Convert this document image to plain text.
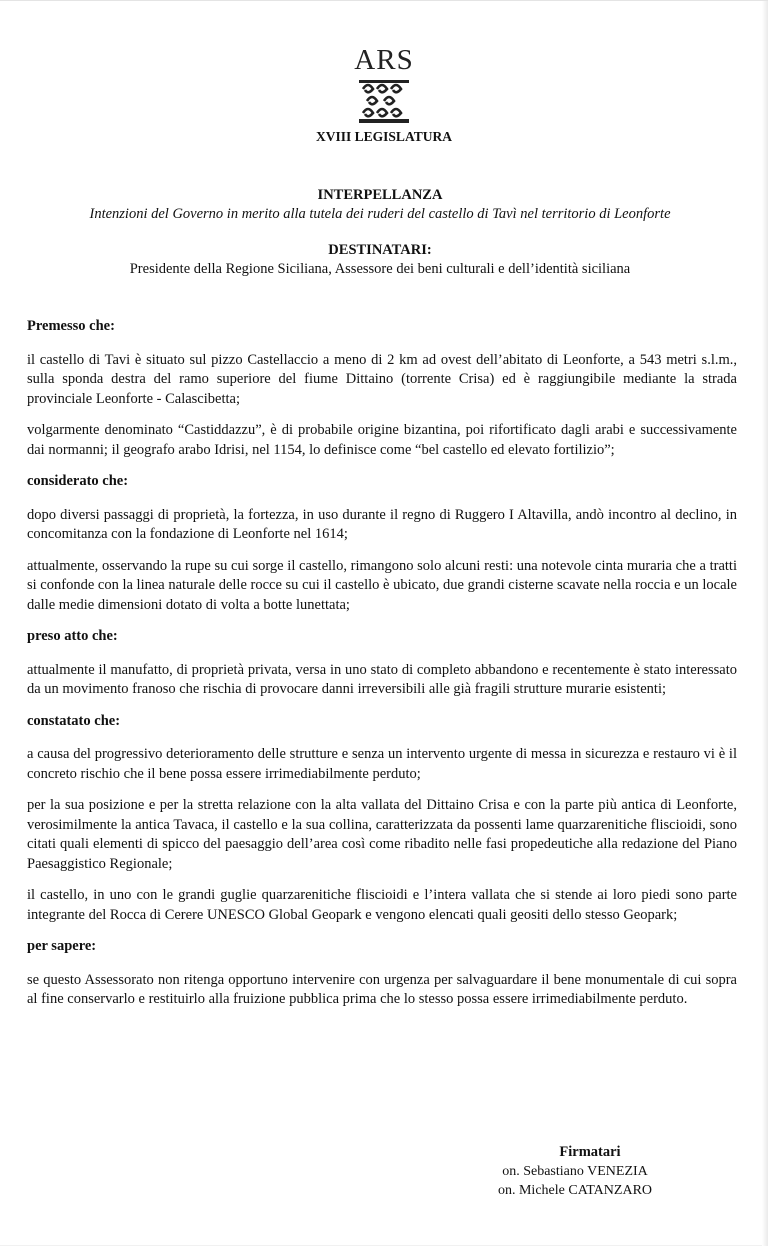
ARS
XVIII LEGISLATURA
INTERPELLANZA
Intenzioni del Governo in merito alla tutela dei ruderi del castello di Tavì nel territorio di Leonforte
DESTINATARI:
Presidente della Regione Siciliana, Assessore dei beni culturali e dell’identità siciliana
Premesso che:

il castello di Tavi è situato sul pizzo Castellaccio a meno di 2 km ad ovest dell’abitato di Leonforte, a 543 metri s.l.m., sulla sponda destra del ramo superiore del fiume Dittaino (torrente Crisa) ed è raggiungibile mediante la strada provinciale Leonforte - Calascibetta;

volgarmente denominato “Castiddazzu”, è di probabile origine bizantina, poi rifortificato dagli arabi e successivamente dai normanni; il geografo arabo Idrisi, nel 1154, lo definisce come “bel castello ed elevato fortilizio”;

considerato che:

dopo diversi passaggi di proprietà, la fortezza, in uso durante il regno di Ruggero I Altavilla, andò incontro al declino, in concomitanza con la fondazione di Leonforte nel 1614;

attualmente, osservando la rupe su cui sorge il castello, rimangono solo alcuni resti: una notevole cinta muraria che a tratti si confonde con la linea naturale delle rocce su cui il castello è ubicato, due grandi cisterne scavate nella roccia e un locale dalle medie dimensioni dotato di volta a botte lunettata;

preso atto che:

attualmente il manufatto, di proprietà privata, versa in uno stato di completo abbandono e recentemente è stato interessato da un movimento franoso che rischia di provocare danni irreversibili alle già fragili strutture murarie esistenti;

constatato che:

a causa del progressivo deterioramento delle strutture e senza un intervento urgente di messa in sicurezza e restauro vi è il concreto rischio che il bene possa essere irrimediabilmente perduto;

per la sua posizione e per la stretta relazione con la alta vallata del Dittaino Crisa e con la parte più antica di Leonforte, verosimilmente la antica Tavaca, il castello e la sua collina, caratterizzata da possenti lame quarzarenitiche fliscioidi, sono citati quali elementi di spicco del paesaggio dell’area così come ribadito nelle fasi propedeutiche alla redazione del Piano Paesaggistico Regionale;

il castello, in uno con le grandi guglie quarzarenitiche fliscioidi e l’intera vallata che si stende ai loro piedi sono parte integrante del Rocca di Cerere UNESCO Global Geopark e vengono elencati quali geositi dello stesso Geopark;

per sapere:

se questo Assessorato non ritenga opportuno intervenire con urgenza per salvaguardare il bene monumentale di cui sopra al fine conservarlo e restituirlo alla fruizione pubblica prima che lo stesso possa essere irrimediabilmente perduto.

Firmatari
on. Sebastiano VENEZIA
on. Michele CATANZARO
